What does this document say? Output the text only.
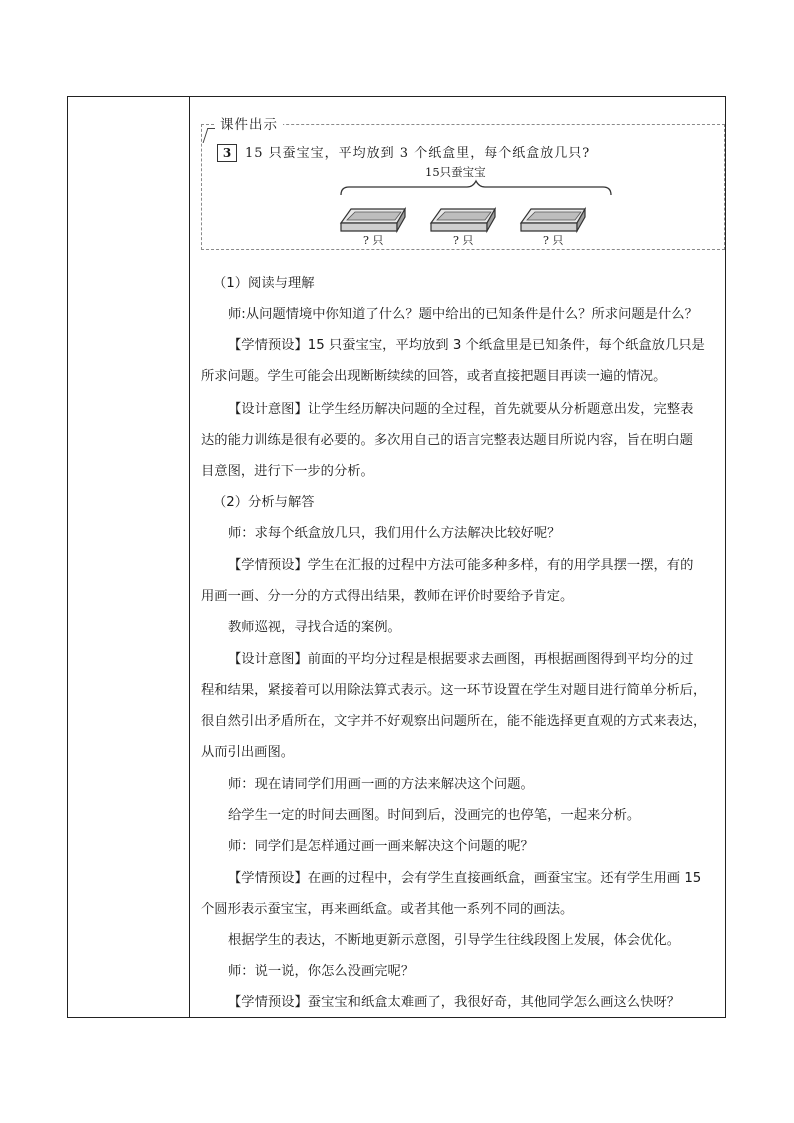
课件出示
3	15 只蚕宝宝，平均放到 3 个纸盒里，每个纸盒放几只?
15只蚕宝宝
? 只	? 只	? 只
（1）阅读与理解
师:从问题情境中你知道了什么？题中给出的已知条件是什么？所求问题是什么？
【学情预设】15 只蚕宝宝，平均放到 3 个纸盒里是已知条件，每个纸盒放几只是
所求问题。学生可能会出现断断续续的回答，或者直接把题目再读一遍的情况。
【设计意图】让学生经历解决问题的全过程，首先就要从分析题意出发，完整表
达的能力训练是很有必要的。多次用自己的语言完整表达题目所说内容，旨在明白题
目意图，进行下一步的分析。
（2）分析与解答
师：求每个纸盒放几只，我们用什么方法解决比较好呢？
【学情预设】学生在汇报的过程中方法可能多种多样，有的用学具摆一摆，有的
用画一画、分一分的方式得出结果，教师在评价时要给予肯定。
教师巡视，寻找合适的案例。
【设计意图】前面的平均分过程是根据要求去画图，再根据画图得到平均分的过
程和结果，紧接着可以用除法算式表示。这一环节设置在学生对题目进行简单分析后，
很自然引出矛盾所在，文字并不好观察出问题所在，能不能选择更直观的方式来表达，
从而引出画图。
师：现在请同学们用画一画的方法来解决这个问题。
给学生一定的时间去画图。时间到后，没画完的也停笔，一起来分析。
师：同学们是怎样通过画一画来解决这个问题的呢？
【学情预设】在画的过程中，会有学生直接画纸盒，画蚕宝宝。还有学生用画 15
个圆形表示蚕宝宝，再来画纸盒。或者其他一系列不同的画法。
根据学生的表达，不断地更新示意图，引导学生往线段图上发展，体会优化。
师：说一说，你怎么没画完呢？
【学情预设】蚕宝宝和纸盒太难画了，我很好奇，其他同学怎么画这么快呀？
